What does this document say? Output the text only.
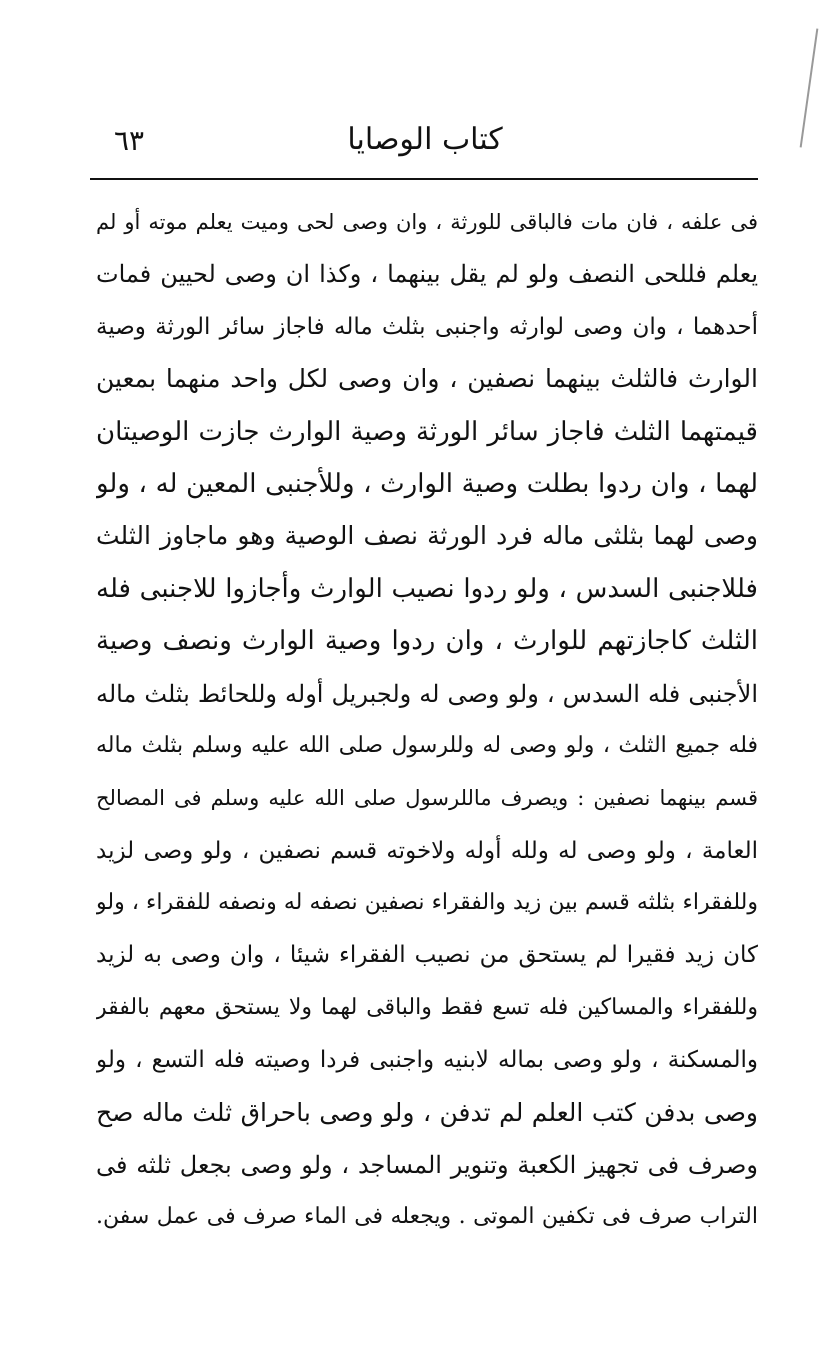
كتاب الوصايا
٦٣
فى علفه ، فان مات فالباقى للورثة ، وان وصى لحى وميت يعلم موته أو لم
يعلم فللحى النصف ولو لم يقل بينهما ، وكذا ان وصى لحيين فمات
أحدهما ، وان وصى لوارثه واجنبى بثلث ماله فاجاز سائر الورثة وصية
الوارث فالثلث بينهما نصفين ، وان وصى لكل واحد منهما بمعين
قيمتهما الثلث فاجاز سائر الورثة وصية الوارث جازت الوصيتان
لهما ، وان ردوا بطلت وصية الوارث ، وللأجنبى المعين له ، ولو
وصى لهما بثلثى ماله فرد الورثة نصف الوصية وهو ماجاوز الثلث
فللاجنبى السدس ، ولو ردوا نصيب الوارث وأجازوا للاجنبى فله
الثلث كاجازتهم للوارث ، وان ردوا وصية الوارث ونصف وصية
الأجنبى فله السدس ، ولو وصى له ولجبريل أوله وللحائط بثلث ماله
فله جميع الثلث ، ولو وصى له وللرسول صلى الله عليه وسلم بثلث ماله
قسم بينهما نصفين : ويصرف ماللرسول صلى الله عليه وسلم فى المصالح
العامة ، ولو وصى له ولله أوله ولاخوته قسم نصفين ، ولو وصى لزيد
وللفقراء بثلثه قسم بين زيد والفقراء نصفين نصفه له ونصفه للفقراء ، ولو
كان زيد فقيرا لم يستحق من نصيب الفقراء شيئا ، وان وصى به لزيد
وللفقراء والمساكين فله تسع فقط والباقى لهما ولا يستحق معهم بالفقر
والمسكنة ، ولو وصى بماله لابنيه واجنبى فردا وصيته فله التسع ، ولو
وصى بدفن كتب العلم لم تدفن ، ولو وصى باحراق ثلث ماله صح
وصرف فى تجهيز الكعبة وتنوير المساجد ، ولو وصى بجعل ثلثه فى
التراب صرف فى تكفين الموتى . ويجعله فى الماء صرف فى عمل سفن.
